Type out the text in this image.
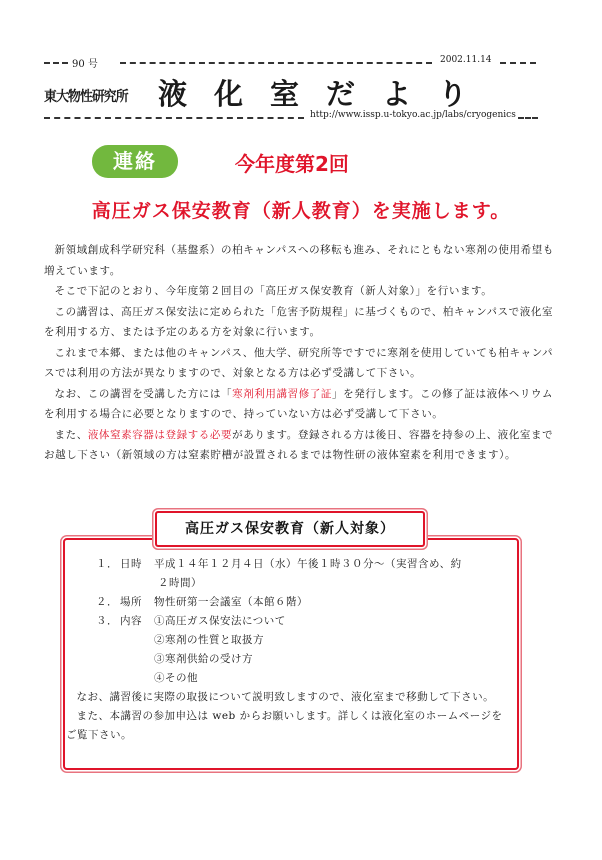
90 号	2002.11.14
東大物性研究所 液化室だより
http://www.issp.u-tokyo.ac.jp/labs/cryogenics
連絡	今年度第2回
高圧ガス保安教育（新人教育）を実施します。

新領域創成科学研究科（基盤系）の柏キャンパスへの移転も進み、それにともない寒剤の使用希望も増えています。

そこで下記のとおり、今年度第２回目の「高圧ガス保安教育（新人対象）」を行います。

この講習は、高圧ガス保安法に定められた「危害予防規程」に基づくもので、柏キャンパスで液化室を利用する方、または予定のある方を対象に行います。

これまで本郷、または他のキャンパス、他大学、研究所等ですでに寒剤を使用していても柏キャンパスでは利用の方法が異なりますので、対象となる方は必ず受講して下さい。

なお、この講習を受講した方には「寒剤利用講習修了証」を発行します。この修了証は液体ヘリウムを利用する場合に必要となりますので、持っていない方は必ず受講して下さい。

また、液体窒素容器は登録する必要があります。登録される方は後日、容器を持参の上、液化室までお越し下さい（新領域の方は窒素貯槽が設置されるまでは物性研の液体窒素を利用できます）。

高圧ガス保安教育（新人対象）
１． 日時 平成１４年１２月４日（水）午後１時３０分～（実習含め、約
２時間）
２． 場所 物性研第一会議室（本館６階）
３． 内容 ①高圧ガス保安法について
②寒剤の性質と取扱方
③寒剤供給の受け方
④その他

なお、講習後に実際の取扱について説明致しますので、液化室まで移動して下さい。

また、本講習の参加申込は web からお願いします。詳しくは液化室のホームページをご覧下さい。
